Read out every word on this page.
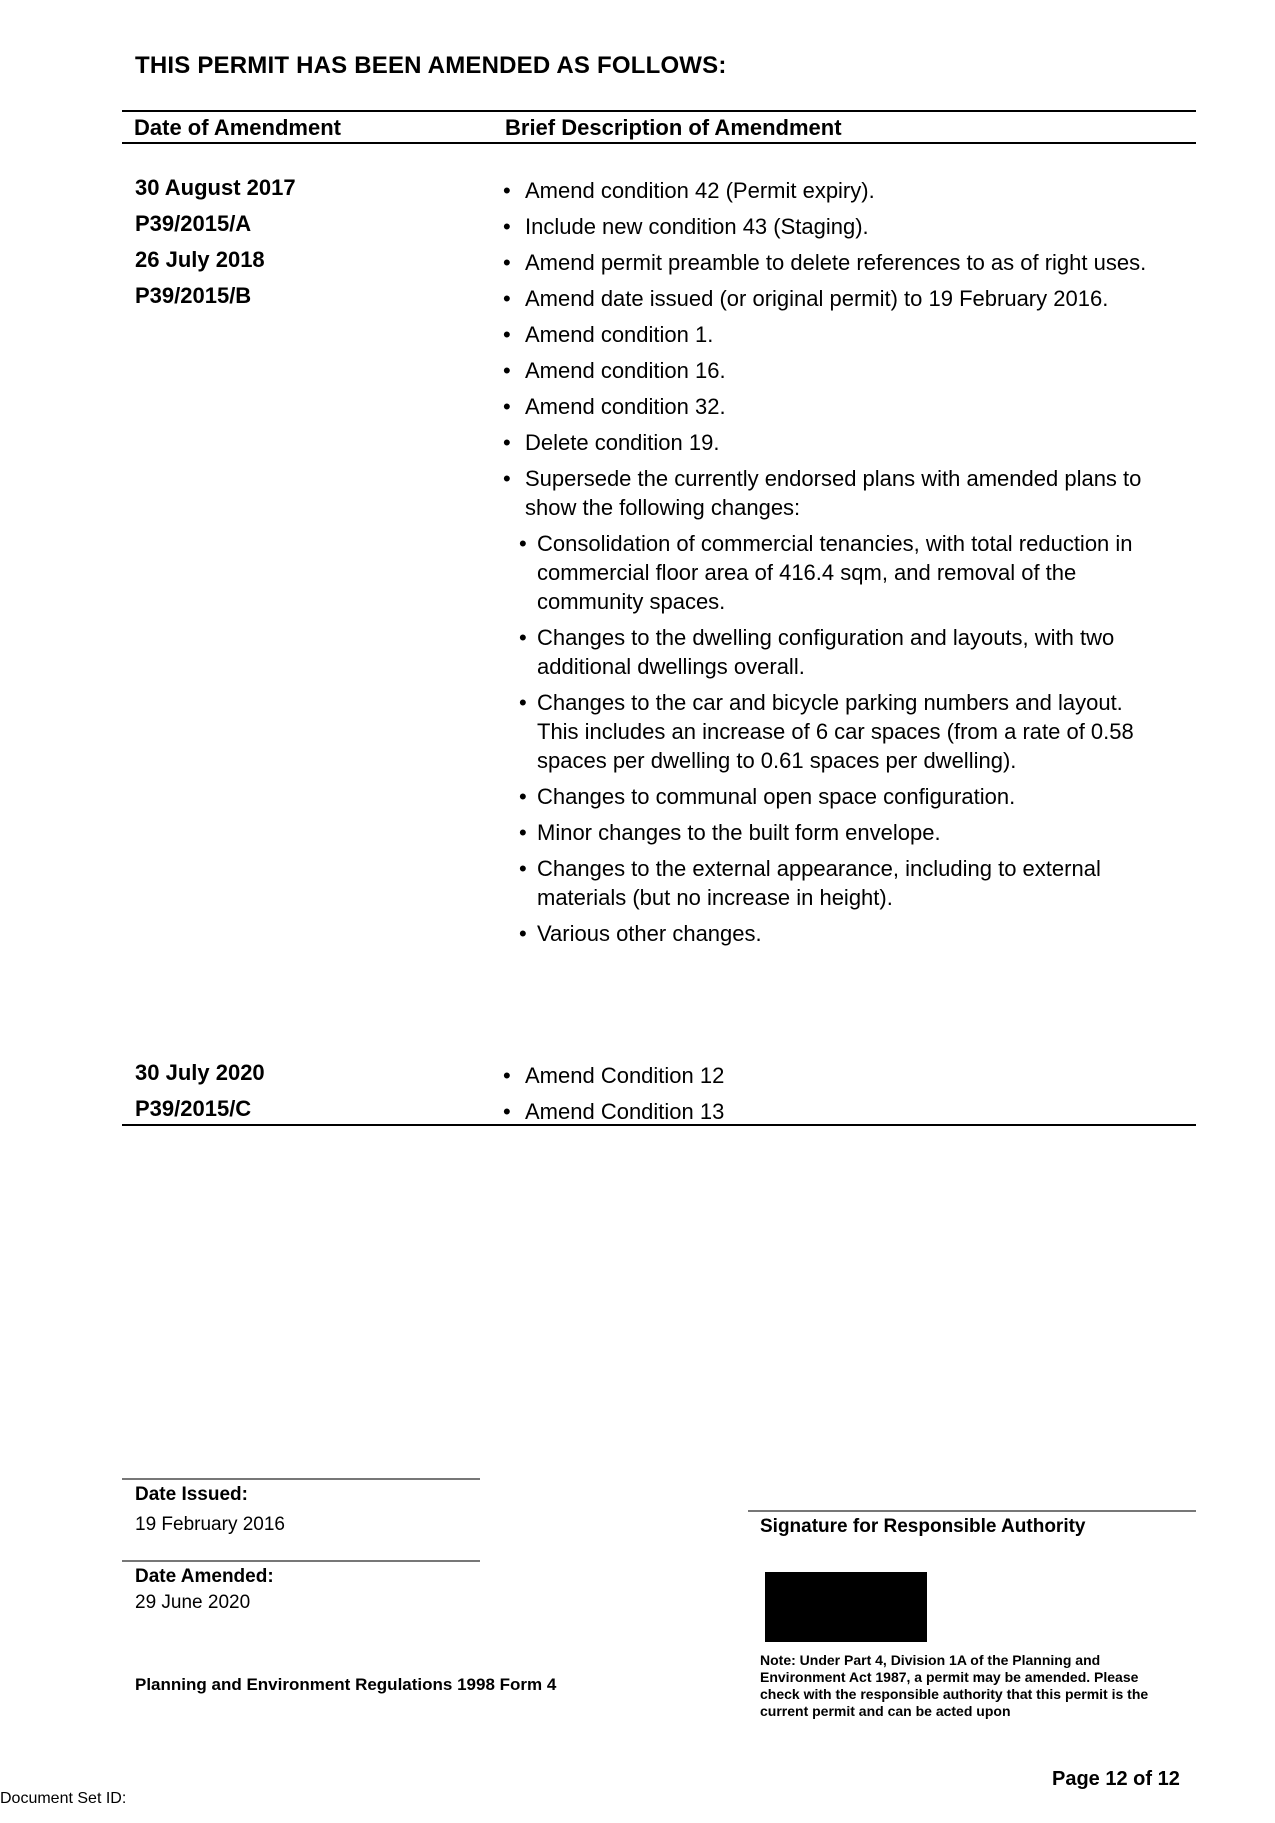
THIS PERMIT HAS BEEN AMENDED AS FOLLOWS:
Date of Amendment	Brief Description of Amendment
30 August 2017
P39/2015/A
26 July 2018
P39/2015/B
• Amend condition 42 (Permit expiry).
• Include new condition 43 (Staging).
• Amend permit preamble to delete references to as of right uses.
• Amend date issued (or original permit) to 19 February 2016.
• Amend condition 1.
• Amend condition 16.
• Amend condition 32.
• Delete condition 19.
• Supersede the currently endorsed plans with amended plans to show the following changes:
• Consolidation of commercial tenancies, with total reduction in commercial floor area of 416.4 sqm, and removal of the community spaces.
• Changes to the dwelling configuration and layouts, with two additional dwellings overall.
• Changes to the car and bicycle parking numbers and layout. This includes an increase of 6 car spaces (from a rate of 0.58 spaces per dwelling to 0.61 spaces per dwelling).
• Changes to communal open space configuration.
• Minor changes to the built form envelope.
• Changes to the external appearance, including to external materials (but no increase in height).
• Various other changes.
30 July 2020
P39/2015/C
• Amend Condition 12
• Amend Condition 13
Date Issued:
19 February 2016
Date Amended:
29 June 2020
Planning and Environment Regulations 1998 Form 4
Signature for Responsible Authority
Note: Under Part 4, Division 1A of the Planning and Environment Act 1987, a permit may be amended. Please check with the responsible authority that this permit is the current permit and can be acted upon
Page 12 of 12
Document Set ID:
